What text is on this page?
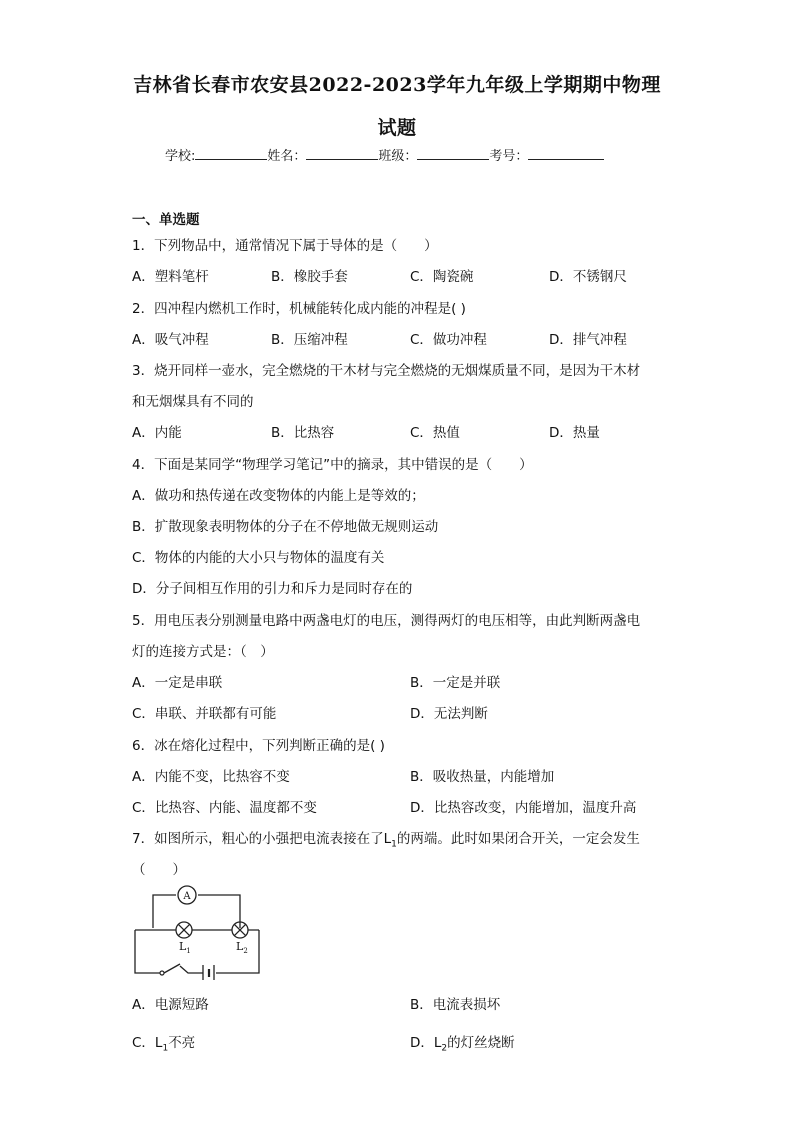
吉林省长春市农安县2022-2023学年九年级上学期期中物理
试题
学校:	姓名：	班级：	考号：
一、单选题
1．下列物品中，通常情况下属于导体的是（　　）
A．塑料笔杆	B．橡胶手套	C．陶瓷碗	D．不锈钢尺
2．四冲程内燃机工作时，机械能转化成内能的冲程是( )
A．吸气冲程	B．压缩冲程	C．做功冲程	D．排气冲程
3．烧开同样一壶水，完全燃烧的干木材与完全燃烧的无烟煤质量不同，是因为干木材
和无烟煤具有不同的
A．内能	B．比热容	C．热值	D．热量
4．下面是某同学“物理学习笔记”中的摘录，其中错误的是（　　）
A．做功和热传递在改变物体的内能上是等效的；
B．扩散现象表明物体的分子在不停地做无规则运动
C．物体的内能的大小只与物体的温度有关
D．分子间相互作用的引力和斥力是同时存在的
5．用电压表分别测量电路中两盏电灯的电压，测得两灯的电压相等，由此判断两盏电
灯的连接方式是：（　）
A．一定是串联	B．一定是并联
C．串联、并联都有可能	D．无法判断
6．冰在熔化过程中，下列判断正确的是( )
A．内能不变，比热容不变	B．吸收热量，内能增加
C．比热容、内能、温度都不变	D．比热容改变，内能增加，温度升高
7．如图所示，粗心的小强把电流表接在了$L_1$的两端。此时如果闭合开关，一定会发生
（　　）
A
$L_1$	$L_2$
A．电源短路	B．电流表损坏
C．$L_1$不亮	D．$L_2$的灯丝烧断
